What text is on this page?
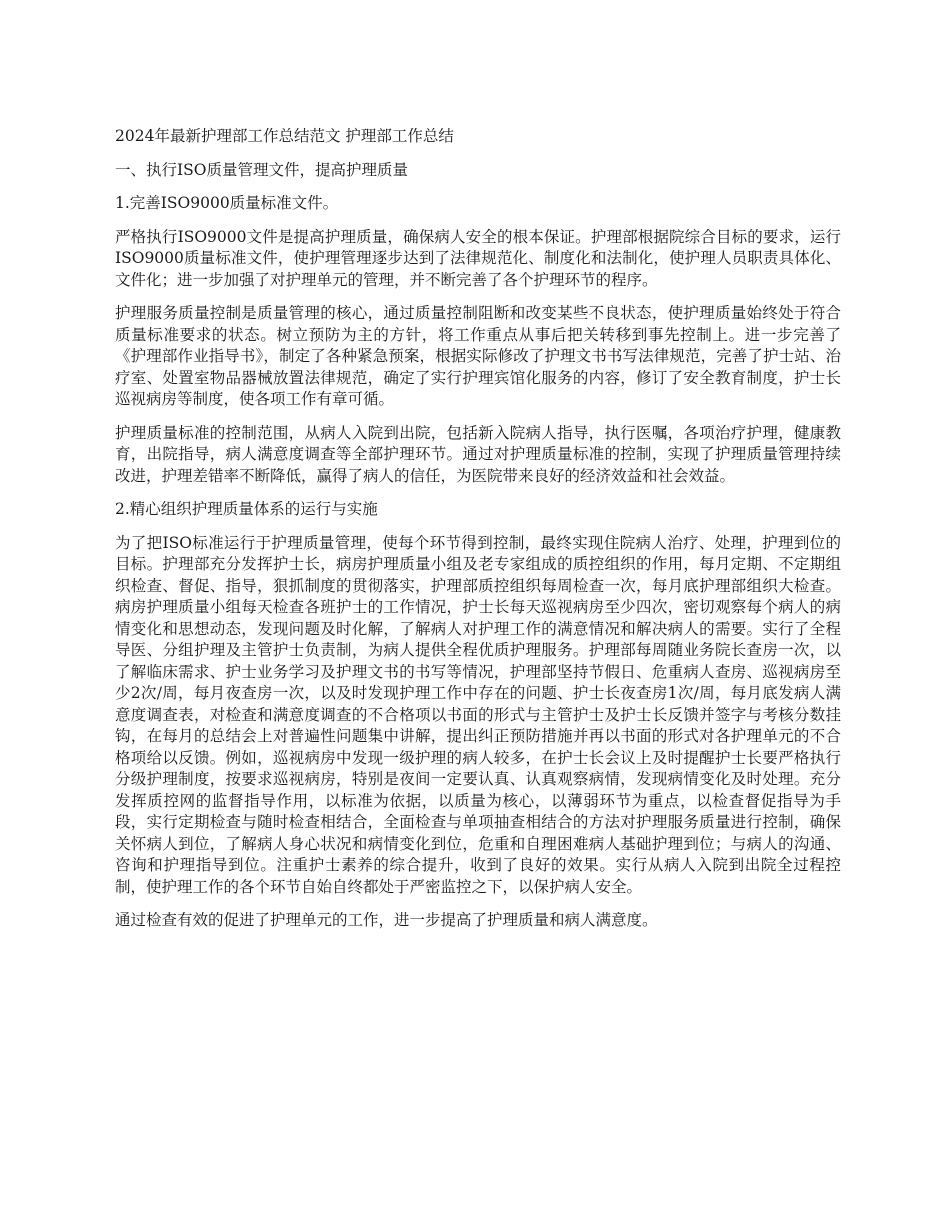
2024年最新护理部工作总结范文 护理部工作总结

一、执行ISO质量管理文件，提高护理质量

1.完善ISO9000质量标准文件。

严格执行ISO9000文件是提高护理质量，确保病人安全的根本保证。护理部根据院综合目标的要求，运行ISO9000质量标准文件，使护理管理逐步达到了法律规范化、制度化和法制化，使护理人员职责具体化、文件化；进一步加强了对护理单元的管理，并不断完善了各个护理环节的程序。

护理服务质量控制是质量管理的核心，通过质量控制阻断和改变某些不良状态，使护理质量始终处于符合质量标准要求的状态。树立预防为主的方针，将工作重点从事后把关转移到事先控制上。进一步完善了《护理部作业指导书》，制定了各种紧急预案，根据实际修改了护理文书书写法律规范，完善了护士站、治疗室、处置室物品器械放置法律规范，确定了实行护理宾馆化服务的内容，修订了安全教育制度，护士长巡视病房等制度，使各项工作有章可循。

护理质量标准的控制范围，从病人入院到出院，包括新入院病人指导，执行医嘱，各项治疗护理，健康教育，出院指导，病人满意度调查等全部护理环节。通过对护理质量标准的控制，实现了护理质量管理持续改进，护理差错率不断降低，赢得了病人的信任，为医院带来良好的经济效益和社会效益。

2.精心组织护理质量体系的运行与实施

为了把ISO标准运行于护理质量管理，使每个环节得到控制，最终实现住院病人治疗、处理，护理到位的目标。护理部充分发挥护士长，病房护理质量小组及老专家组成的质控组织的作用，每月定期、不定期组织检查、督促、指导，狠抓制度的贯彻落实，护理部质控组织每周检查一次，每月底护理部组织大检查。病房护理质量小组每天检查各班护士的工作情况，护士长每天巡视病房至少四次，密切观察每个病人的病情变化和思想动态，发现问题及时化解，了解病人对护理工作的满意情况和解决病人的需要。实行了全程导医、分组护理及主管护士负责制，为病人提供全程优质护理服务。护理部每周随业务院长查房一次，以了解临床需求、护士业务学习及护理文书的书写等情况，护理部坚持节假日、危重病人查房、巡视病房至少2次/周，每月夜查房一次，以及时发现护理工作中存在的问题、护士长夜查房1次/周，每月底发病人满意度调查表，对检查和满意度调查的不合格项以书面的形式与主管护士及护士长反馈并签字与考核分数挂钩，在每月的总结会上对普遍性问题集中讲解，提出纠正预防措施并再以书面的形式对各护理单元的不合格项给以反馈。例如，巡视病房中发现一级护理的病人较多，在护士长会议上及时提醒护士长要严格执行分级护理制度，按要求巡视病房，特别是夜间一定要认真、认真观察病情，发现病情变化及时处理。充分发挥质控网的监督指导作用，以标准为依据，以质量为核心，以薄弱环节为重点，以检查督促指导为手段，实行定期检查与随时检查相结合，全面检查与单项抽查相结合的方法对护理服务质量进行控制，确保关怀病人到位，了解病人身心状况和病情变化到位，危重和自理困难病人基础护理到位；与病人的沟通、咨询和护理指导到位。注重护士素养的综合提升，收到了良好的效果。实行从病人入院到出院全过程控制，使护理工作的各个环节自始自终都处于严密监控之下，以保护病人安全。

通过检查有效的促进了护理单元的工作，进一步提高了护理质量和病人满意度。
